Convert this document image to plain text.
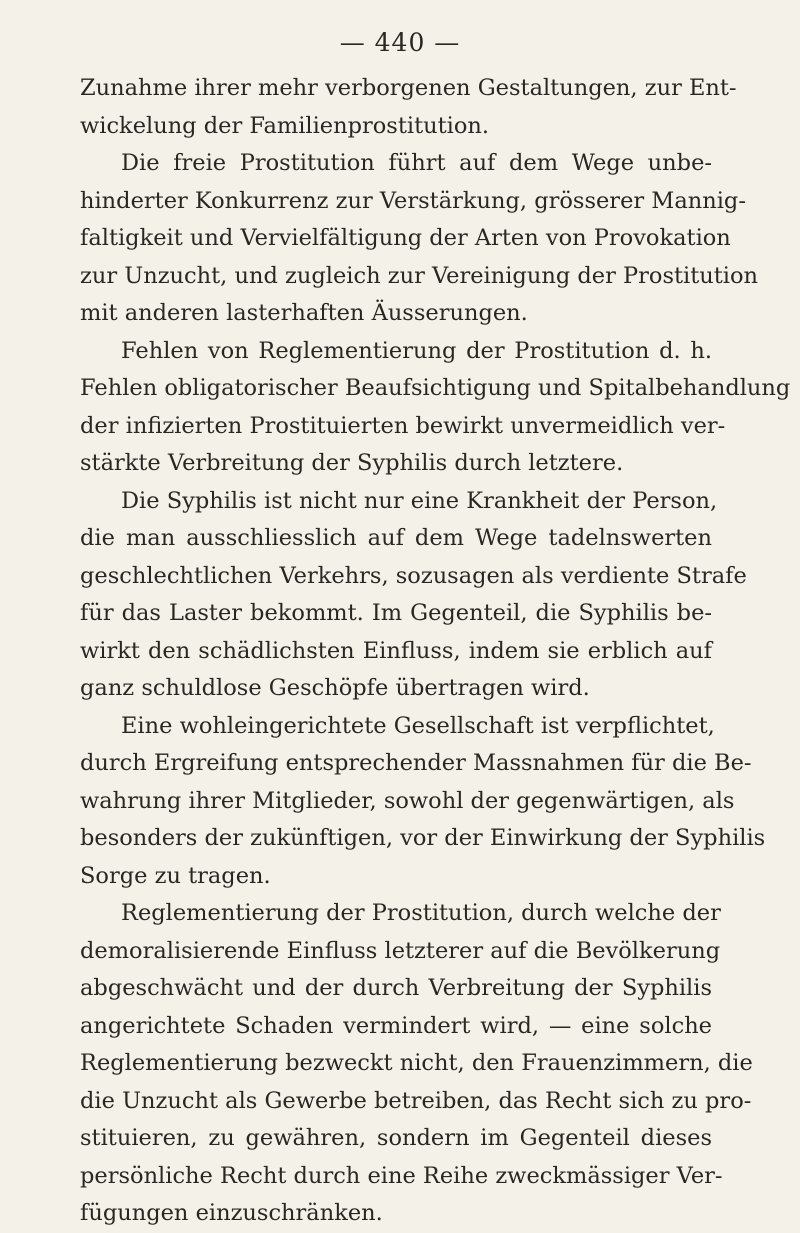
— 440 —
Zunahme ihrer mehr verborgenen Gestaltungen, zur Ent-
wickelung der Familienprostitution.
Die freie Prostitution führt auf dem Wege unbe-
hinderter Konkurrenz zur Verstärkung, grösserer Mannig-
faltigkeit und Vervielfältigung der Arten von Provokation
zur Unzucht, und zugleich zur Vereinigung der Prostitution
mit anderen lasterhaften Äusserungen.
Fehlen von Reglementierung der Prostitution d. h.
Fehlen obligatorischer Beaufsichtigung und Spitalbehandlung
der infizierten Prostituierten bewirkt unvermeidlich ver-
stärkte Verbreitung der Syphilis durch letztere.
Die Syphilis ist nicht nur eine Krankheit der Person,
die man ausschliesslich auf dem Wege tadelnswerten
geschlechtlichen Verkehrs, sozusagen als verdiente Strafe
für das Laster bekommt. Im Gegenteil, die Syphilis be-
wirkt den schädlichsten Einfluss, indem sie erblich auf
ganz schuldlose Geschöpfe übertragen wird.
Eine wohleingerichtete Gesellschaft ist verpflichtet,
durch Ergreifung entsprechender Massnahmen für die Be-
wahrung ihrer Mitglieder, sowohl der gegenwärtigen, als
besonders der zukünftigen, vor der Einwirkung der Syphilis
Sorge zu tragen.
Reglementierung der Prostitution, durch welche der
demoralisierende Einfluss letzterer auf die Bevölkerung
abgeschwächt und der durch Verbreitung der Syphilis
angerichtete Schaden vermindert wird, — eine solche
Reglementierung bezweckt nicht, den Frauenzimmern, die
die Unzucht als Gewerbe betreiben, das Recht sich zu pro-
stituieren, zu gewähren, sondern im Gegenteil dieses
persönliche Recht durch eine Reihe zweckmässiger Ver-
fügungen einzuschränken.
